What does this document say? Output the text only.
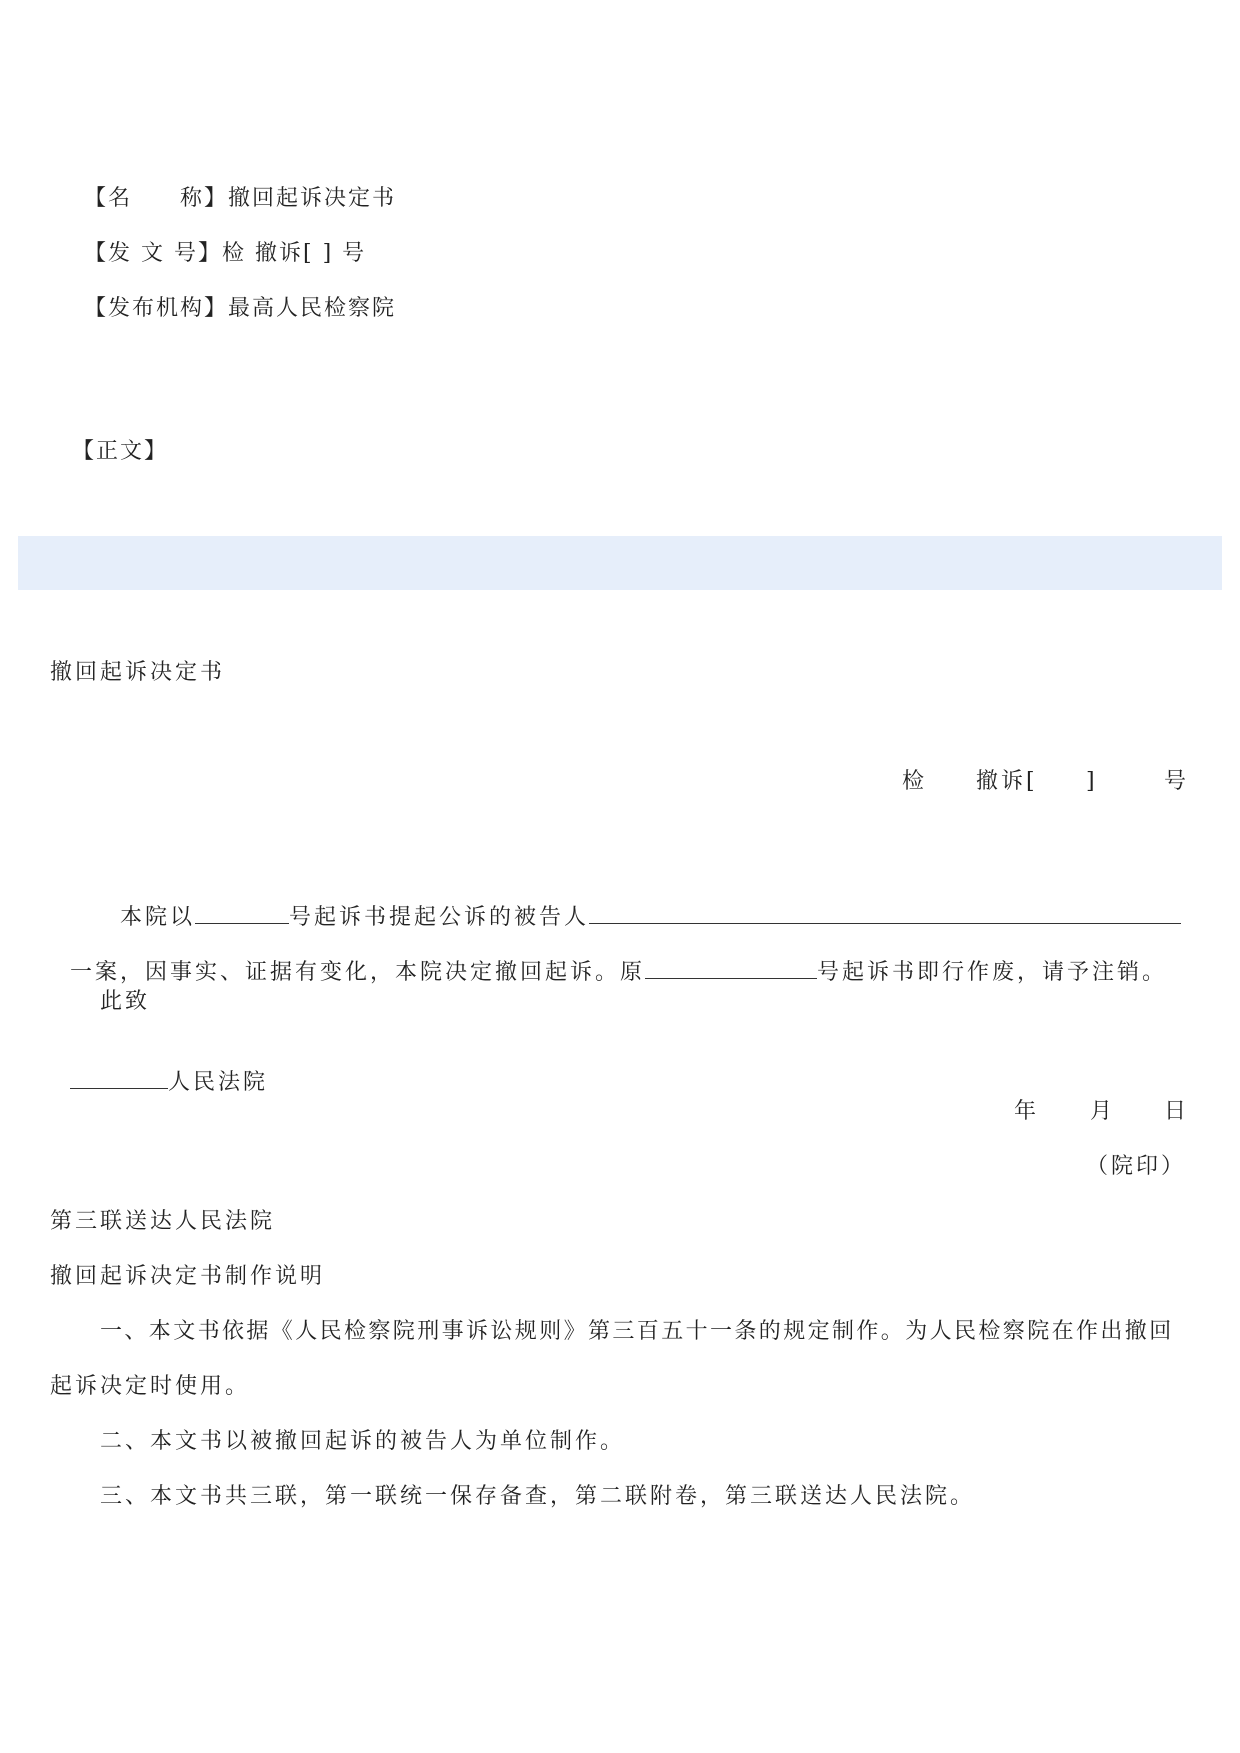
【名　　称】撤回起诉决定书

【发 文 号】检 撤诉[ ] 号

【发布机构】最高人民检察院

【正文】
撤回起诉决定书
检 撤诉[ ]	号

本院以	号起诉书提起公诉的被告人

一案，因事实、证据有变化，本院决定撤回起诉。原	号起诉书即行作废，请予注销。

此致

人民法院

年 月 日
（院印）
第三联送达人民法院
撤回起诉决定书制作说明
一、本文书依据《人民检察院刑事诉讼规则》第三百五十一条的规定制作。为人民检察院在作出撤回
起诉决定时使用。
二、本文书以被撤回起诉的被告人为单位制作。
三、本文书共三联，第一联统一保存备查，第二联附卷，第三联送达人民法院。
